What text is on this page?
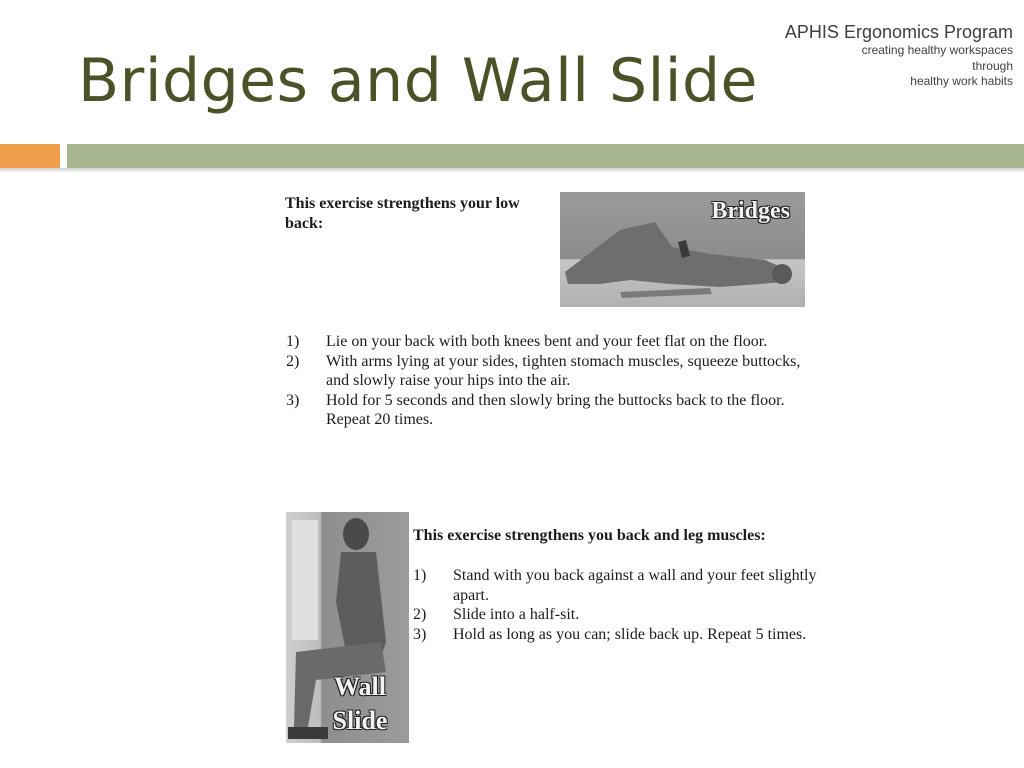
Bridges and Wall Slide
APHIS Ergonomics Program
creating healthy workspaces
through
healthy work habits

This exercise strengthens your low back:	Bridges
1) Lie on your back with both knees bent and your feet flat on the floor.
2) With arms lying at your sides, tighten stomach muscles, squeeze buttocks, and slowly raise your hips into the air.
3) Hold for 5 seconds and then slowly bring the buttocks back to the floor. Repeat 20 times.
Wall
Slide

This exercise strengthens you back and leg muscles:

1) Stand with you back against a wall and your feet slightly apart.
2) Slide into a half-sit.
3) Hold as long as you can; slide back up. Repeat 5 times.
